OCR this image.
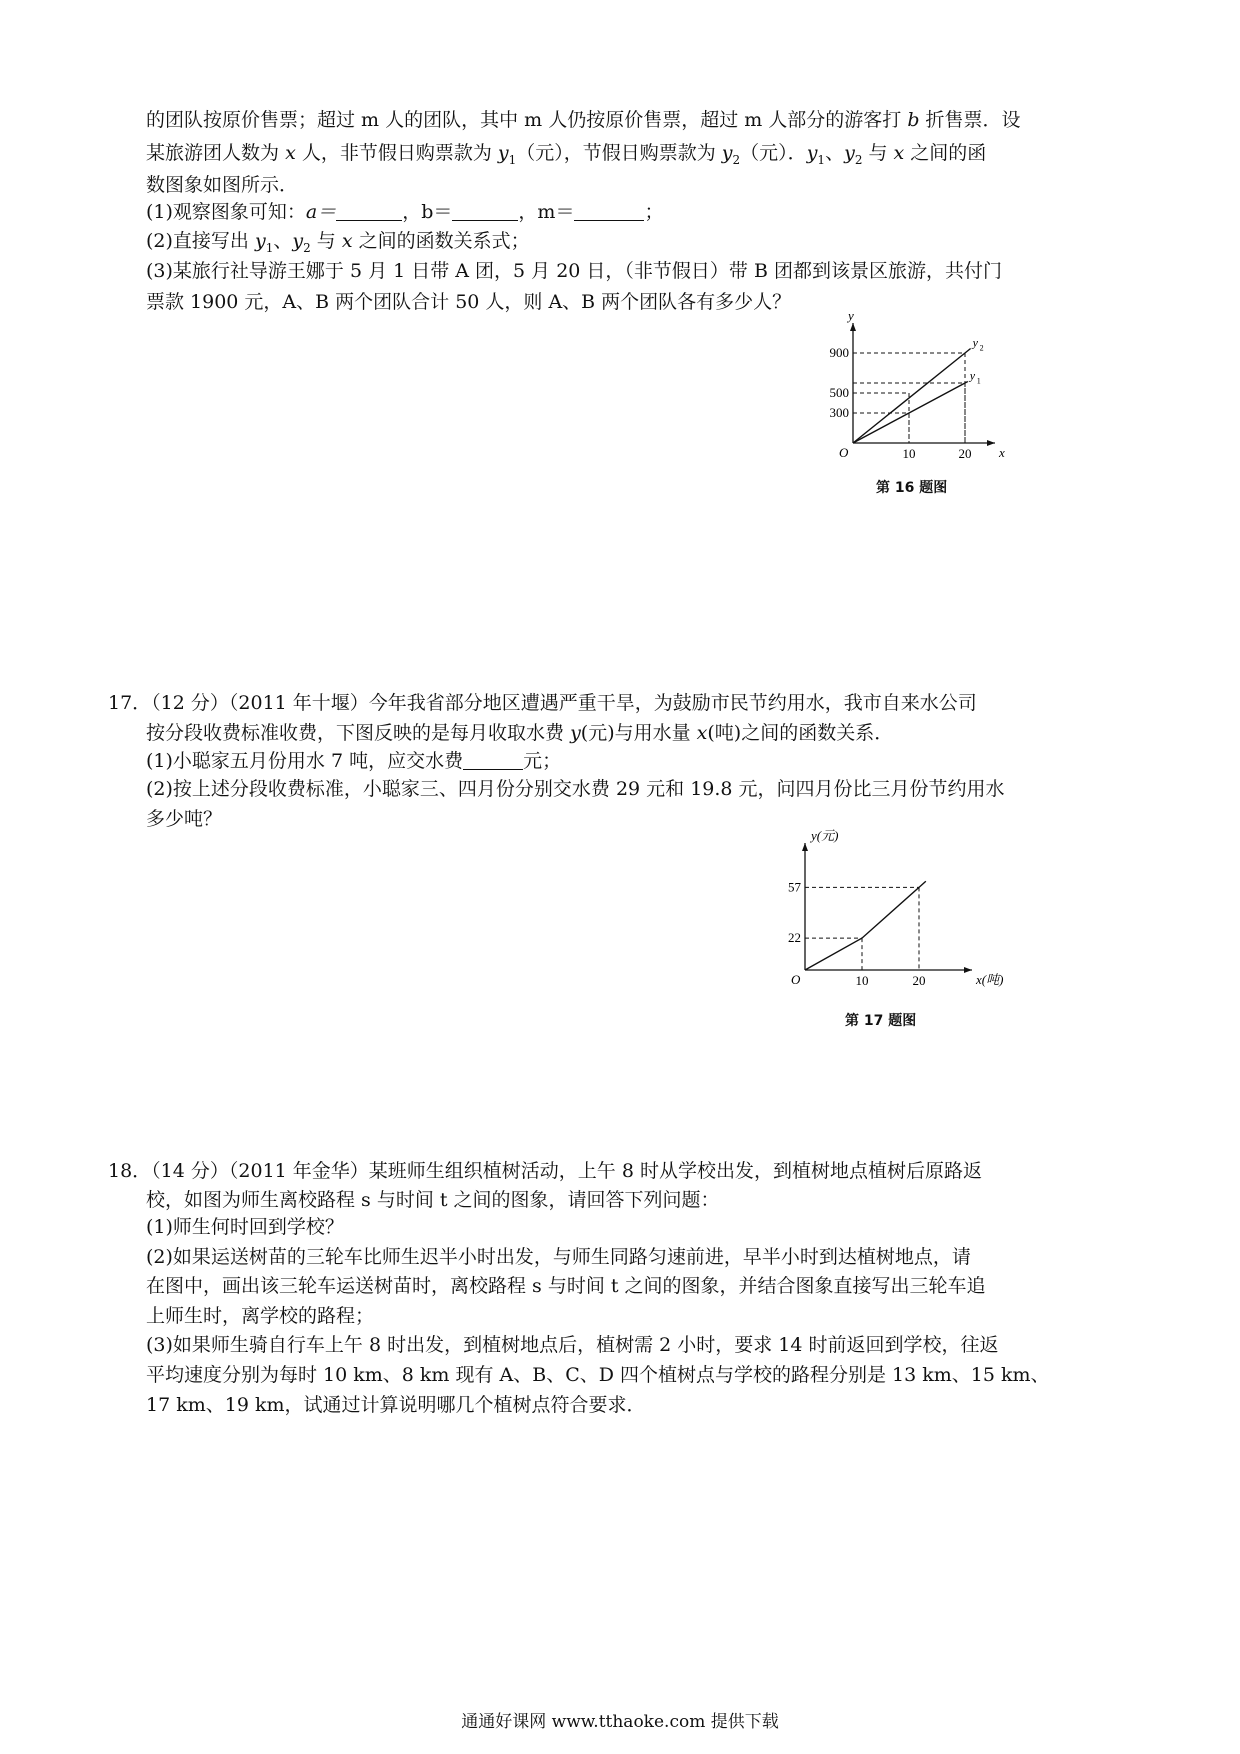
的团队按原价售票；超过 m 人的团队，其中 m 人仍按原价售票，超过 m 人部分的游客打 b 折售票．设
某旅游团人数为 x 人，非节假日购票款为 $y_1$（元），节假日购票款为 $y_2$（元）．$y_1$、$y_2$ 与 x 之间的函
数图象如图所示．
(1)观察图象可知：a＝	，b＝	，m＝	；
(2)直接写出 $y_1$、$y_2$ 与 x 之间的函数关系式；
(3)某旅行社导游王娜于 5 月 1 日带 A 团，5 月 20 日，（非节假日）带 B 团都到该景区旅游，共付门
票款 1900 元，A、B 两个团队合计 50 人，则 A、B 两个团队各有多少人？
x
y
O	10	20
300
500
900
y 2
y 1
第 16 题图
17．（12 分）（2011 年十堰）今年我省部分地区遭遇严重干旱，为鼓励市民节约用水，我市自来水公司
按分段收费标准收费，下图反映的是每月收取水费 y(元)与用水量 x(吨)之间的函数关系．
(1)小聪家五月份用水 7 吨，应交水费	元；
(2)按上述分段收费标准，小聪家三、四月份分别交水费 29 元和 19.8 元，问四月份比三月份节约用水
多少吨？
x(吨)
y(元)
O	10	20
22
57
第 17 题图
18．（14 分）（2011 年金华）某班师生组织植树活动，上午 8 时从学校出发，到植树地点植树后原路返
校，如图为师生离校路程 s 与时间 t 之间的图象，请回答下列问题：
(1)师生何时回到学校？
(2)如果运送树苗的三轮车比师生迟半小时出发，与师生同路匀速前进，早半小时到达植树地点，请
在图中，画出该三轮车运送树苗时，离校路程 s 与时间 t 之间的图象，并结合图象直接写出三轮车追
上师生时，离学校的路程；
(3)如果师生骑自行车上午 8 时出发，到植树地点后，植树需 2 小时，要求 14 时前返回到学校，往返
平均速度分别为每时 10 km、8 km 现有 A、B、C、D 四个植树点与学校的路程分别是 13 km、15 km、
17 km、19 km，试通过计算说明哪几个植树点符合要求．
通通好课网 www.tthaoke.com 提供下载
